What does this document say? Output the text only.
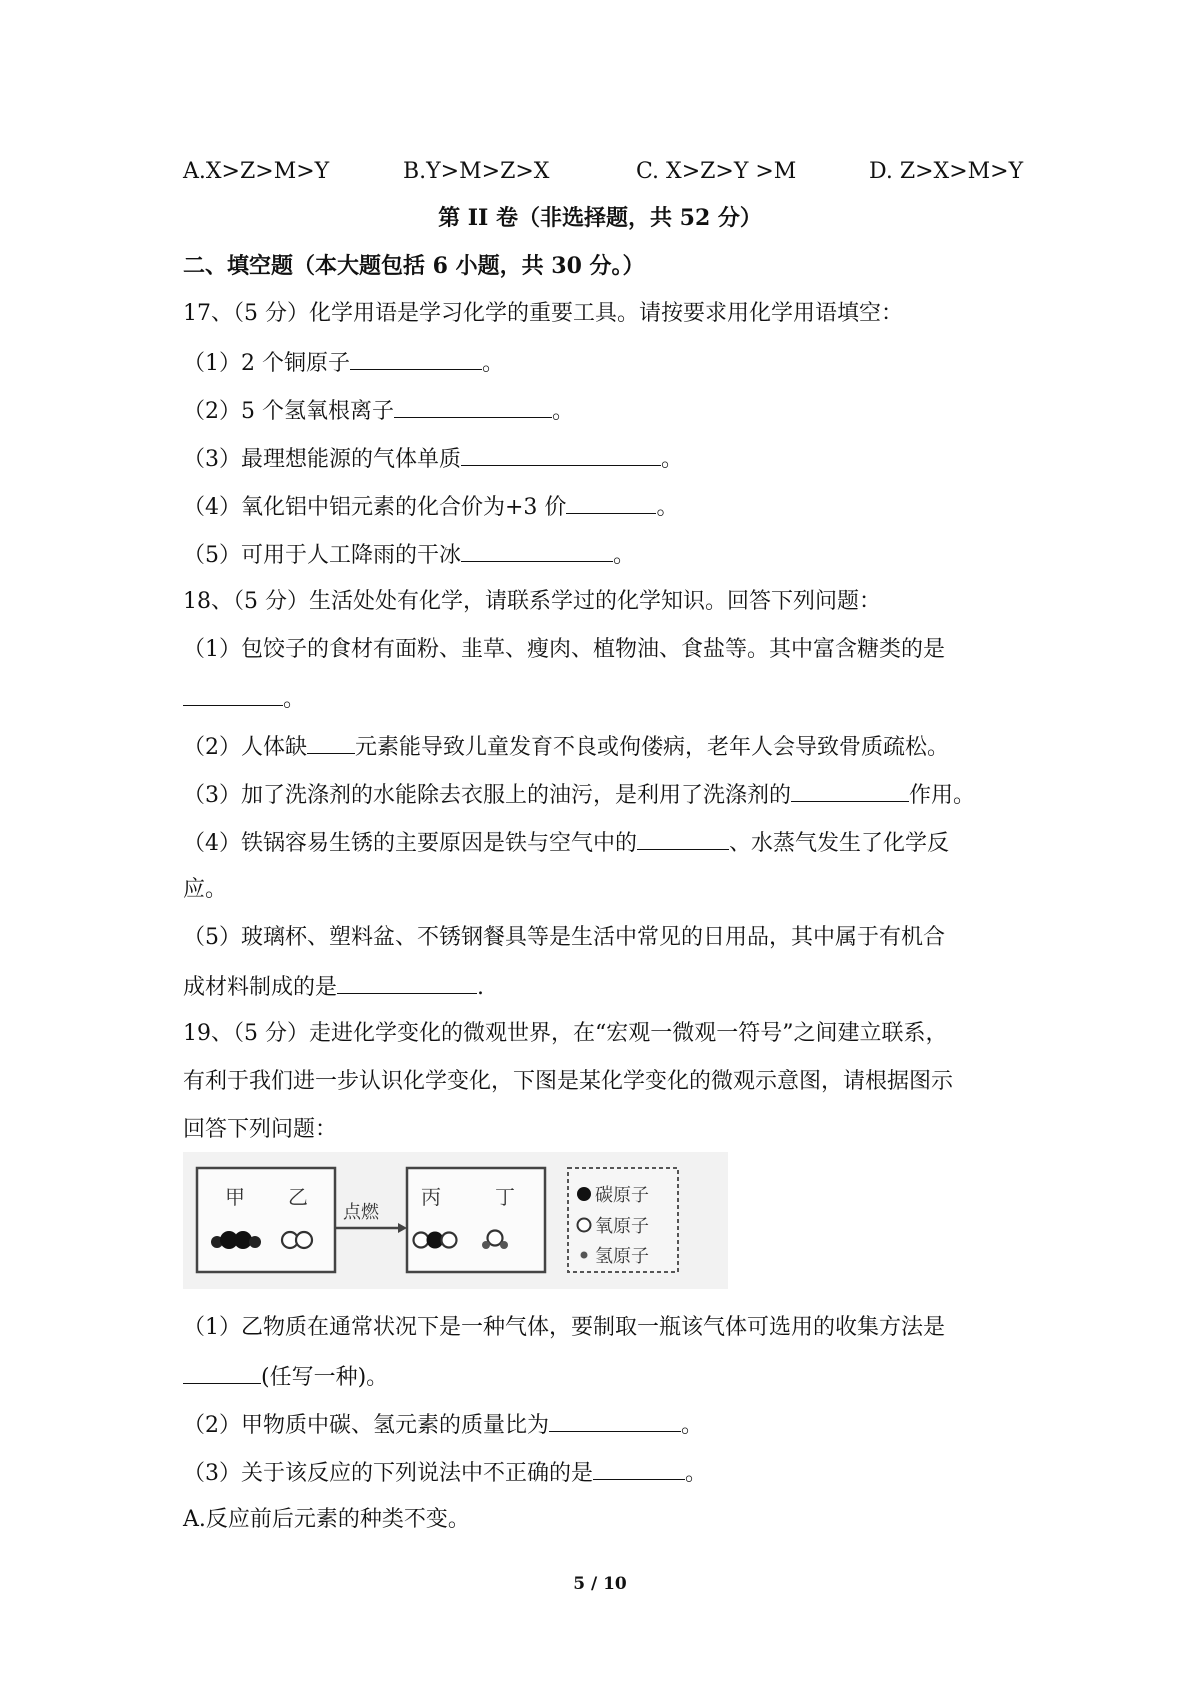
A.X>Z>M>Y	B.Y>M>Z>X	C. X>Z>Y >M	D. Z>X>M>Y
第 II 卷（非选择题，共 52 分）
二、填空题（本大题包括 6 小题，共 30 分。）
17、（5 分）化学用语是学习化学的重要工具。请按要求用化学用语填空：
（1）2 个铜原子	。
（2）5 个氢氧根离子	。
（3）最理想能源的气体单质	。
（4）氧化铝中铝元素的化合价为+3 价	。
（5）可用于人工降雨的干冰	。
18、（5 分）生活处处有化学，请联系学过的化学知识。回答下列问题：
（1）包饺子的食材有面粉、韭草、瘦肉、植物油、食盐等。其中富含糖类的是
。
（2）人体缺 元素能导致儿童发育不良或佝偻病，老年人会导致骨质疏松。
（3）加了洗涤剂的水能除去衣服上的油污，是利用了洗涤剂的	作用。
（4）铁锅容易生锈的主要原因是铁与空气中的	、水蒸气发生了化学反
应。
（5）玻璃杯、塑料盆、不锈钢餐具等是生活中常见的日用品，其中属于有机合
成材料制成的是	.
19、（5 分）走进化学变化的微观世界，在“宏观一微观一符号”之间建立联系，
有利于我们进一步认识化学变化，下图是某化学变化的微观示意图，请根据图示
回答下列问题：
甲 乙
点燃
丙	丁	碳原子
氧原子
氢原子
（1）乙物质在通常状况下是一种气体，要制取一瓶该气体可选用的收集方法是
(任写一种)。
（2）甲物质中碳、氢元素的质量比为	。
（3）关于该反应的下列说法中不正确的是	。
A.反应前后元素的种类不变。
5 / 10
